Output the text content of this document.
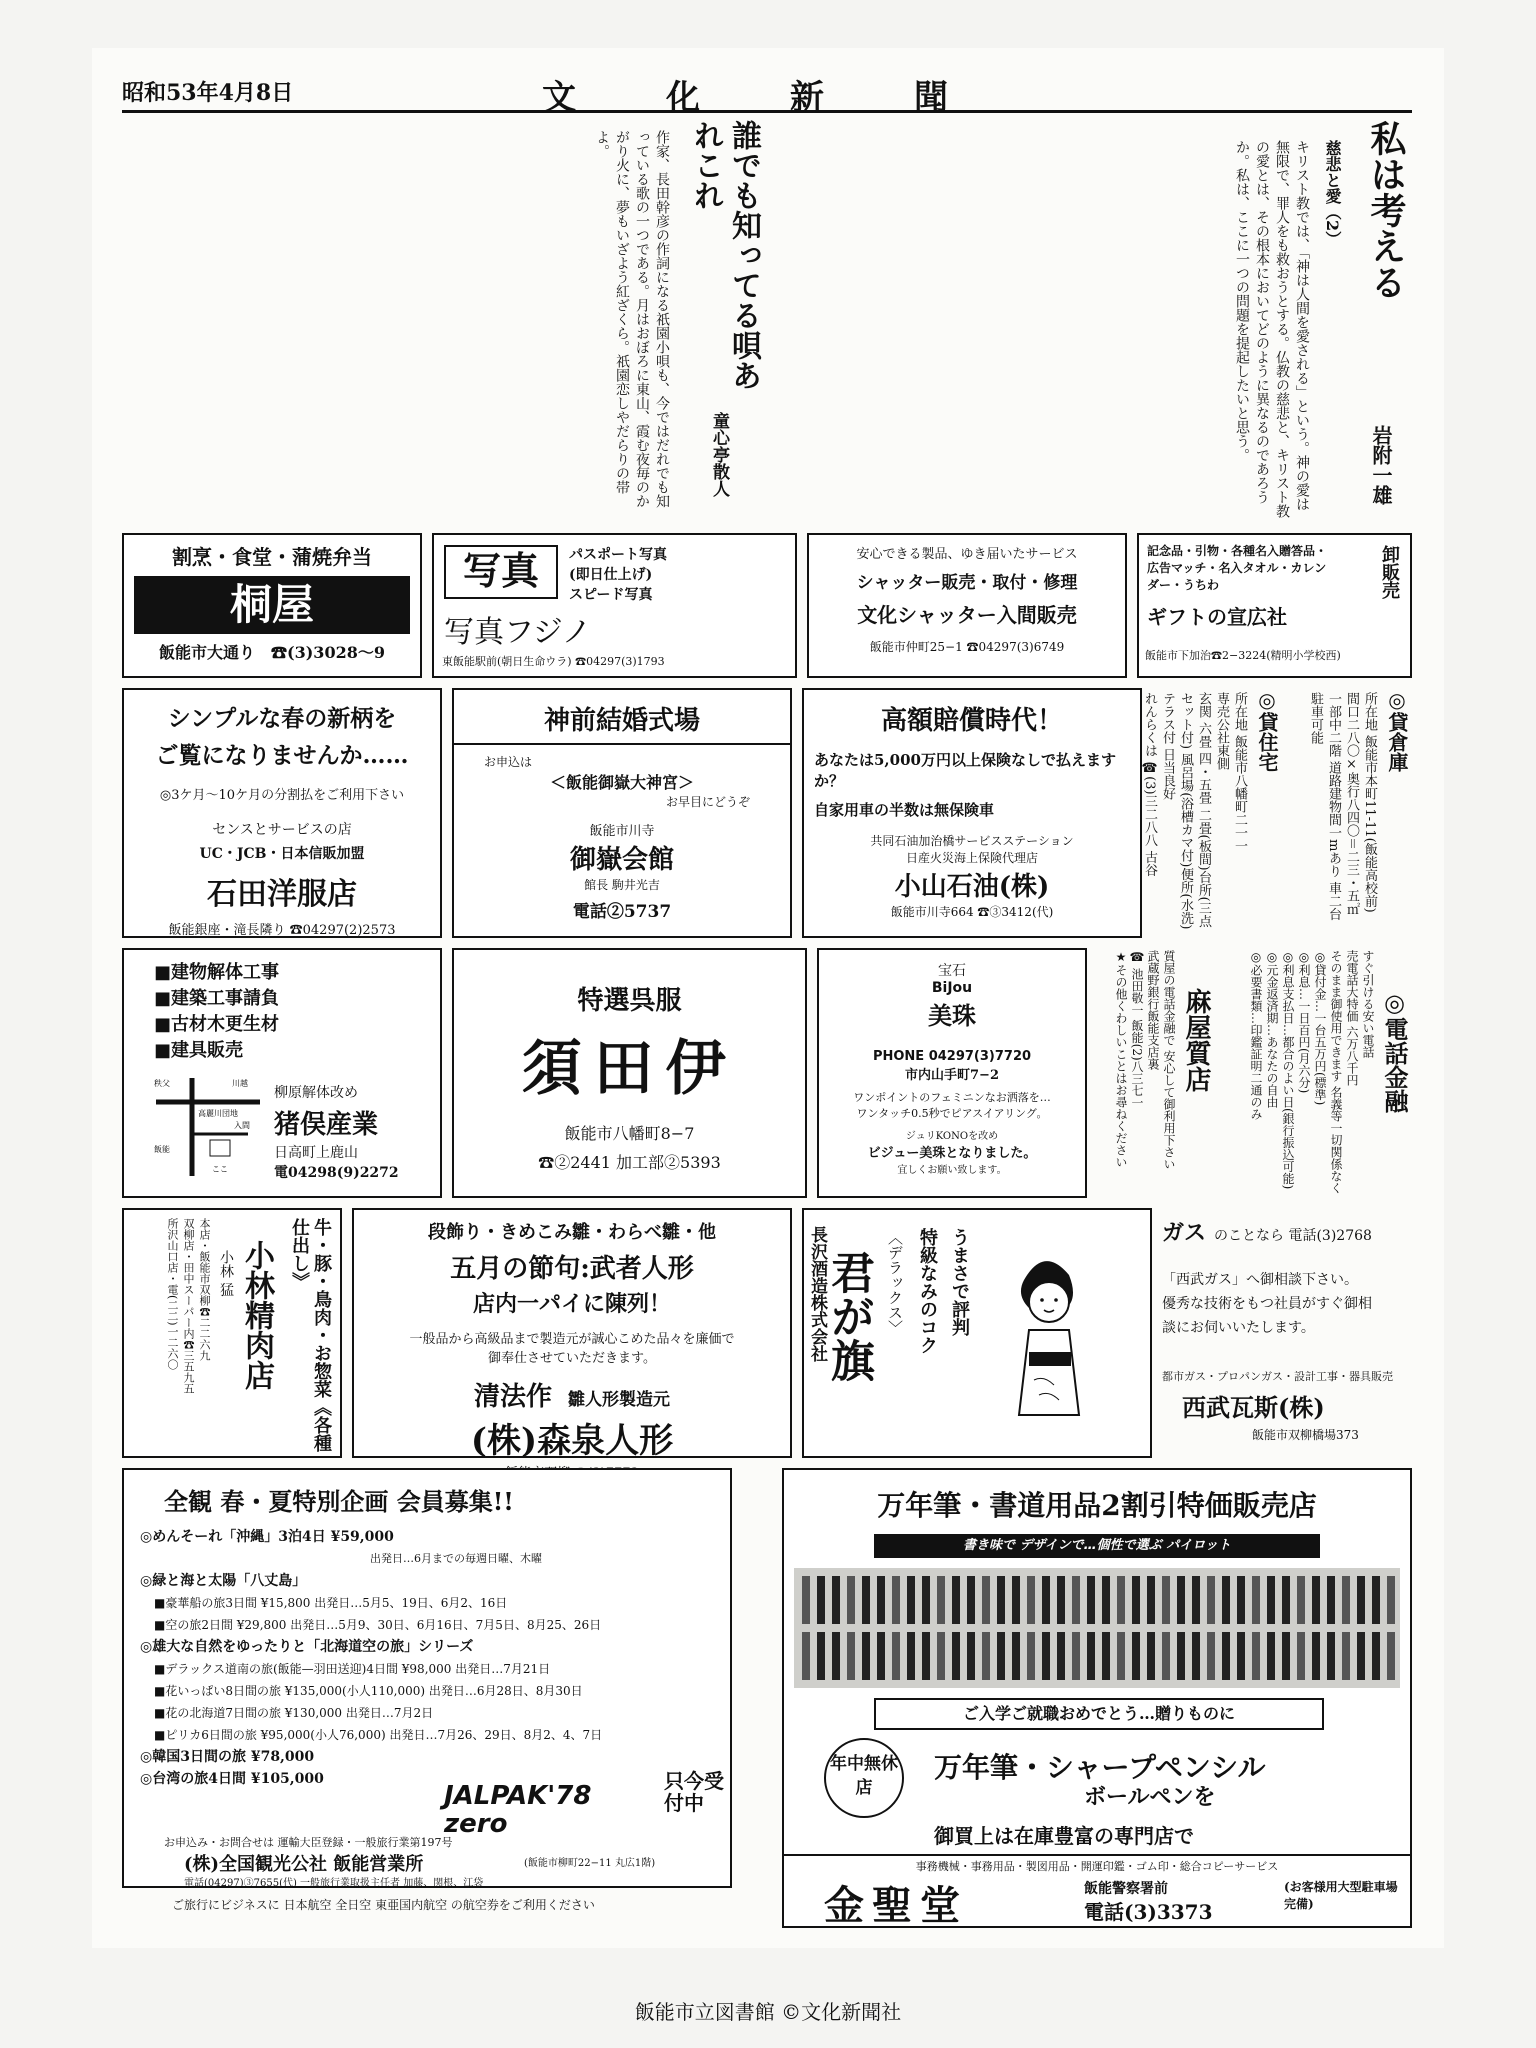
昭和53年4月8日	文化新聞
私は考える
岩附一雄
慈悲と愛（2）
キリスト教では、「神は人間を愛される」という。神の愛は無限で、罪人をも救おうとする。仏教の慈悲と、キリスト教の愛とは、その根本においてどのように異なるのであろうか。私は、ここに一つの問題を提起したいと思う。
誰でも知ってる唄あれこれ
童心亭散人
作家、長田幹彦の作詞になる祇園小唄も、今ではだれでも知っている歌の一つである。月はおぼろに東山、霞む夜毎のかがり火に、夢もいざよう紅ざくら。祇園恋しやだらりの帯よ。
割烹・食堂・蒲焼弁当
桐屋
飯能市大通り　 ☎(3)3028〜9
写真	パスポート写真
(即日仕上げ)
スピード写真
写真フジノ
東飯能駅前(朝日生命ウラ) ☎04297(3)1793
安心できる製品、ゆき届いたサービス
シャッター販売・取付・修理
文化シャッター入間販売
飯能市仲町25−1 ☎04297(3)6749
記念品・引物・各種名入贈答品・広告マッチ・名入タオル・カレンダー・うちわ	卸販売
ギフトの宣広社
飯能市下加治☎2−3224(精明小学校西)
シンプルな春の新柄を
ご覧になりませんか……
◎3ケ月〜10ケ月の分割払をご利用下さい
センスとサービスの店
UC・JCB・日本信販加盟
石田洋服店
飯能銀座・滝長隣り ☎04297(2)2573
神前結婚式場
お申込は
＜飯能御嶽大神宮＞
お早目にどうぞ
飯能市川寺
御嶽会館
館長 駒井光吉
電話②5737
高額賠償時代！
あなたは5,000万円以上保険なしで払えますか？
自家用車の半数は無保険車
共同石油加治橋サービスステーション
日産火災海上保険代理店
小山石油(株)
飯能市川寺664 ☎③3412(代)
◎貸倉庫
所在地 飯能市本町11-11(飯能高校前)
間口二八〇×奥行八四〇＝二三・五㎡
一部中二階 道路建物間一mあり 車二台駐車可能
◎貸住宅
所在地 飯能市八幡町二一一
専売公社東側
玄関 六畳 四・五畳 二畳(板間)台所(三点セット付) 風呂場(浴槽カマ付)便所(水洗) テラス付 日当良好
れんらくは ☎(3)三二八八 古谷
■建物解体工事
■建築工事請負
■古材木更生材
■建具販売
秩父	川越
高麗川団地
入間
飯能
ここ
柳原解体改め
猪俣産業
日高町上鹿山
電04298(9)2272
特選呉服
須田伊
飯能市八幡町8−7
☎②2441 加工部②5393
宝石
BiJou
美珠
PHONE 04297(3)7720
市内山手町7−2
ワンポイントのフェミニンなお洒落を…
ワンタッチ0.5秒でピアスイアリング。
ジュリKONOを改め
ビジュー美珠となりました。
宜しくお願い致します。
麻屋質店
質屋の電話金融で 安心して御利用下さい
武蔵野銀行飯能支店裏
☎ 池田敬一 飯能(2)八三七一
★その他くわしいことはお尋ねください	◎電話金融
すぐ引ける安い電話
売電話大特価 六万八千円
そのまま御使用できます 名義等一切関係なく
◎貸付金…一台五万円(標準)
◎利息…一日百円(月六分)
◎利息支払日…都合のよい日(銀行振込可能)
◎元金返済期…あなたの自由
◎必要書類…印鑑証明二通のみ
牛・豚・鳥肉・お惣菜《各種仕出し》
小林精肉店
小林 猛
本店・飯能市双柳☎二二六九
双柳店・田中スーパー内☎三五九五
所沢山口店・電(二二)一二六〇	段飾り・きめこみ雛・わらべ雛・他
五月の節句:武者人形
店内一パイに陳列！
一般品から高級品まで製造元が誠心こめた品々を廉価で御奉仕させていただきます。
清法作　 雛人形製造元
(株)森泉人形
うまさで評判
特級なみのコク
〈デラックス〉
君が旗
長沢酒造株式会社	ガス のことなら 電話(3)2768
「西武ガス」へ御相談下さい。
優秀な技術をもつ社員がすぐ御相
談にお伺いいたします。
都市ガス・プロパンガス・設計工事・器具販売
西武瓦斯(株)
飯能市双柳橋場373
全観 春・夏特別企画 会員募集!!
◎めんそーれ「沖縄」3泊4日 ¥59,000
出発日…6月までの毎週日曜、木曜
◎緑と海と太陽「八丈島」
■豪華船の旅3日間 ¥15,800 出発日…5月5、19日、6月2、16日
■空の旅2日間 ¥29,800 出発日…5月9、30日、6月16日、7月5日、8月25、26日
◎雄大な自然をゆったりと「北海道空の旅」シリーズ
■デラックス道南の旅(飯能—羽田送迎)4日間 ¥98,000 出発日…7月21日
■花いっぱい8日間の旅 ¥135,000(小人110,000) 出発日…6月28日、8月30日
■花の北海道7日間の旅 ¥130,000 出発日…7月2日
■ピリカ6日間の旅 ¥95,000(小人76,000) 出発日…7月26、29日、8月2、4、7日
◎韓国3日間の旅 ¥78,000
◎台湾の旅4日間 ¥105,000
JALPAK'78 zero
只今受付中
お申込み・お問合せは 運輸大臣登録・一般旅行業第197号
(株)全国観光公社 飯能営業所	(飯能市柳町22−11 丸広1階)
電話(04297)③7655(代) 一般旅行業取扱主任者 加藤、関根、江袋
ご旅行にビジネスに 日本航空 全日空 東亜国内航空 の航空券をご利用ください
万年筆・書道用品2割引特価販売店
書き味で デザインで…個性で選ぶ パイロット
ご入学ご就職おめでとう…贈りものに
年中無休店
万年筆・シャープペンシル
ボールペンを
御買上は在庫豊富の専門店で
事務機械・事務用品・製図用品・開運印鑑・ゴム印・総合コピーサービス
金聖堂	飯能警察署前
電話(3)3373
(お客様用大型駐車場完備)
飯能市立図書館 ©文化新聞社
